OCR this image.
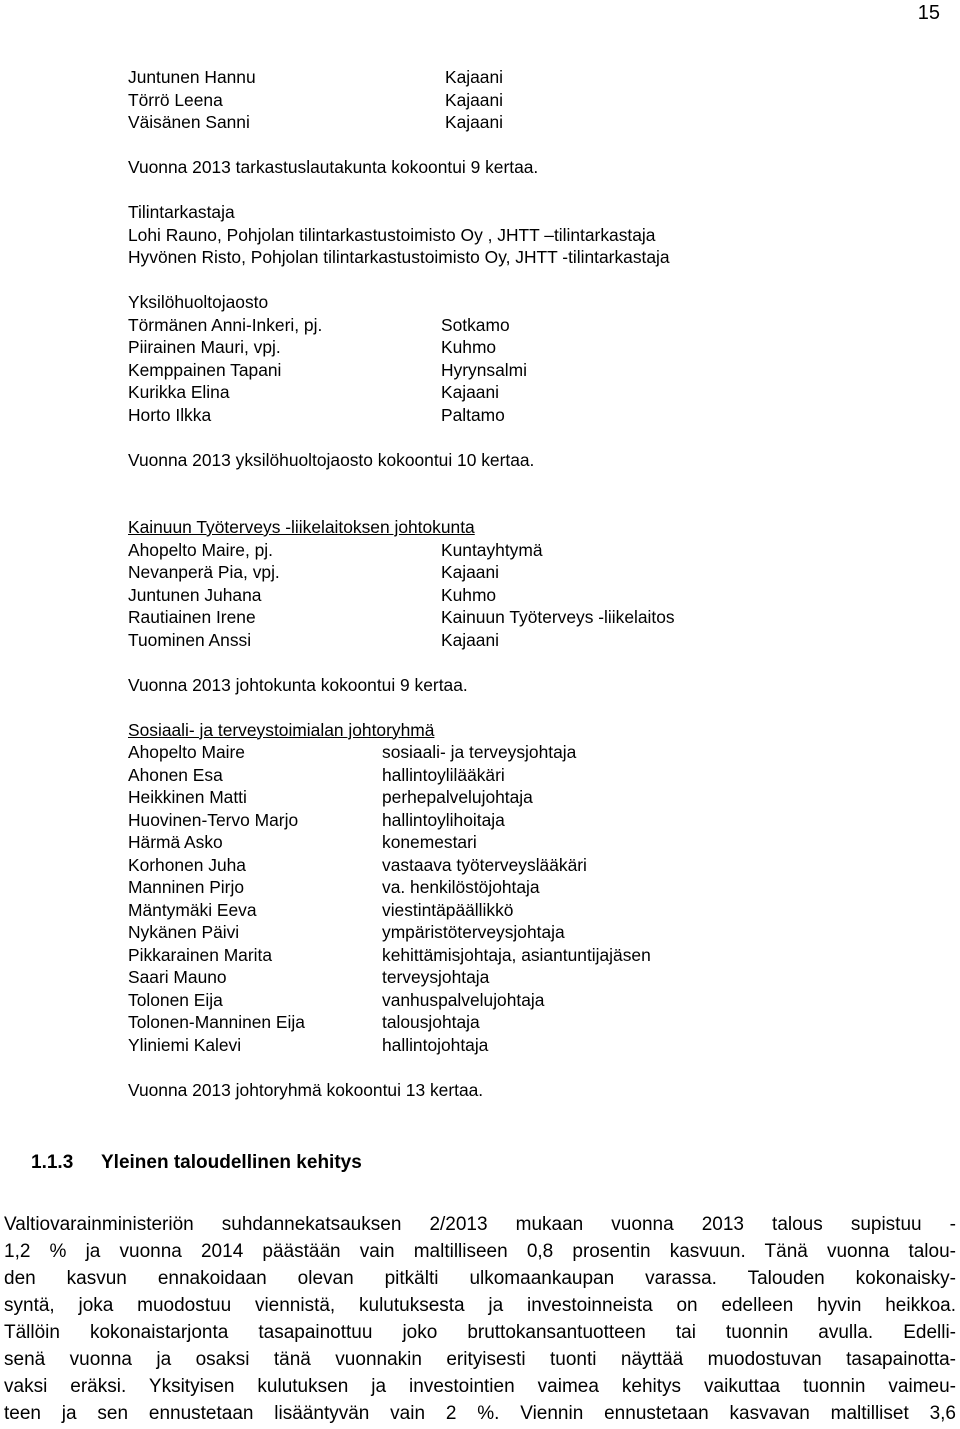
15
Juntunen Hannu	Kajaani
Törrö Leena	Kajaani
Väisänen Sanni	Kajaani
Vuonna 2013 tarkastuslautakunta kokoontui 9 kertaa.
Tilintarkastaja
Lohi Rauno, Pohjolan tilintarkastustoimisto Oy , JHTT –tilintarkastaja
Hyvönen Risto, Pohjolan tilintarkastustoimisto Oy, JHTT -tilintarkastaja
Yksilöhuoltojaosto
Törmänen Anni-Inkeri, pj.	Sotkamo
Piirainen Mauri, vpj.	Kuhmo
Kemppainen Tapani	Hyrynsalmi
Kurikka Elina	Kajaani
Horto Ilkka	Paltamo
Vuonna 2013 yksilöhuoltojaosto kokoontui 10 kertaa.
Kainuun Työterveys -liikelaitoksen johtokunta
Ahopelto Maire, pj.	Kuntayhtymä
Nevanperä Pia, vpj.	Kajaani
Juntunen Juhana	Kuhmo
Rautiainen Irene	Kainuun Työterveys -liikelaitos
Tuominen Anssi	Kajaani
Vuonna 2013 johtokunta kokoontui 9 kertaa.
Sosiaali- ja terveystoimialan johtoryhmä
Ahopelto Maire	sosiaali- ja terveysjohtaja
Ahonen Esa	hallintoylilääkäri
Heikkinen Matti	perhepalvelujohtaja
Huovinen-Tervo Marjo	hallintoylihoitaja
Härmä Asko	konemestari
Korhonen Juha	vastaava työterveyslääkäri
Manninen Pirjo	va. henkilöstöjohtaja
Mäntymäki Eeva	viestintäpäällikkö
Nykänen Päivi	ympäristöterveysjohtaja
Pikkarainen Marita	kehittämisjohtaja, asiantuntijajäsen
Saari Mauno	terveysjohtaja
Tolonen Eija	vanhuspalvelujohtaja
Tolonen-Manninen Eija	talousjohtaja
Yliniemi Kalevi	hallintojohtaja
Vuonna 2013 johtoryhmä kokoontui 13 kertaa.
1.1.3 Yleinen taloudellinen kehitys
Valtiovarainministeriön suhdannekatsauksen 2/2013 mukaan vuonna 2013 talous supistuu -
1,2 % ja vuonna 2014 päästään vain maltilliseen 0,8 prosentin kasvuun. Tänä vuonna talou-
den kasvun ennakoidaan olevan pitkälti ulkomaankaupan varassa. Talouden kokonaisky-
syntä, joka muodostuu viennistä, kulutuksesta ja investoinneista on edelleen hyvin heikkoa.
Tällöin kokonaistarjonta tasapainottuu joko bruttokansantuotteen tai tuonnin avulla. Edelli-
senä vuonna ja osaksi tänä vuonnakin erityisesti tuonti näyttää muodostuvan tasapainotta-
vaksi eräksi. Yksityisen kulutuksen ja investointien vaimea kehitys vaikuttaa tuonnin vaimeu-
teen ja sen ennustetaan lisääntyvän vain 2 %. Viennin ennustetaan kasvavan maltilliset 3,6
